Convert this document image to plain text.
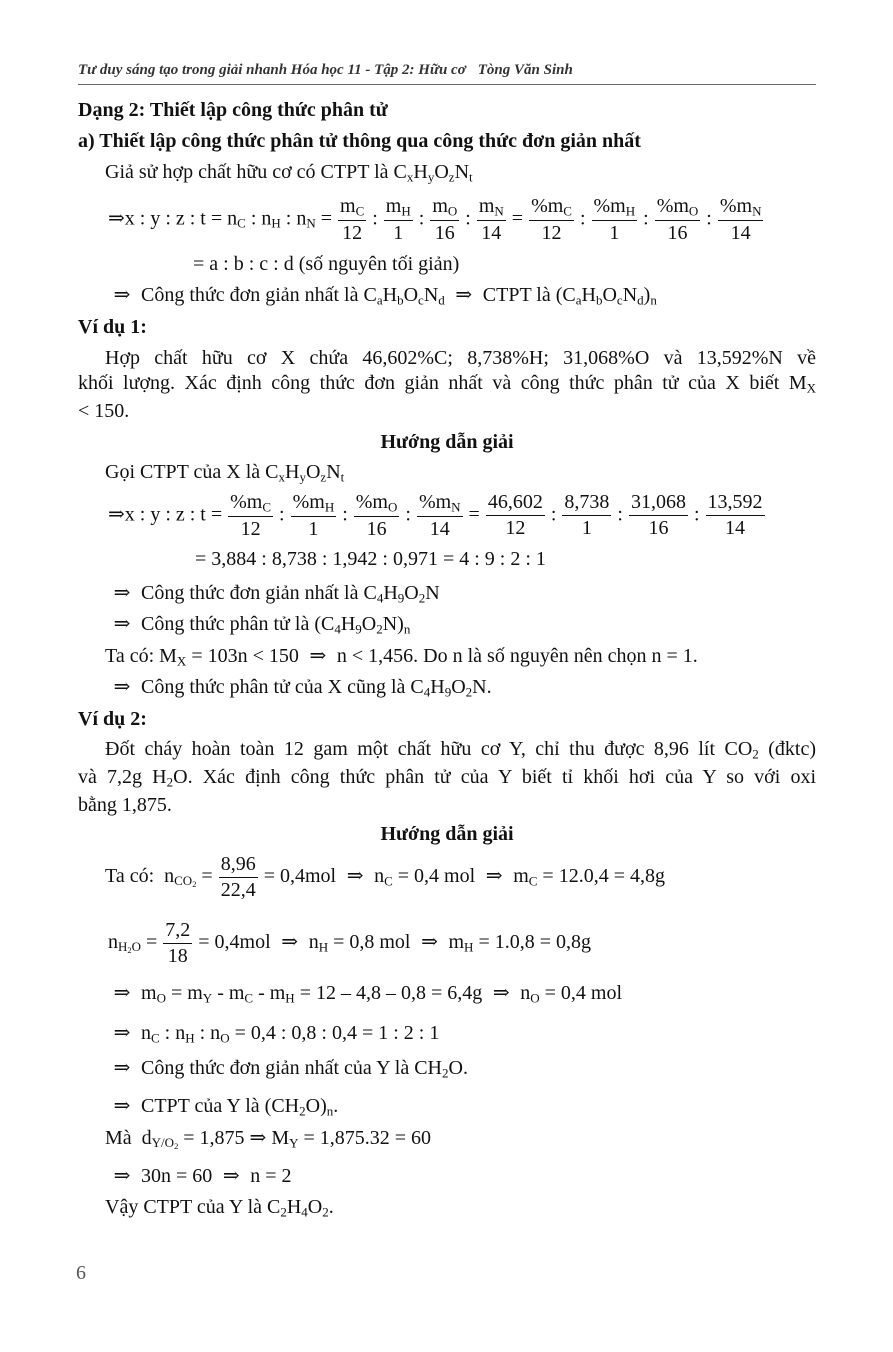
Tư duy sáng tạo trong giải nhanh Hóa học 11 - Tập 2: Hữu cơ Tòng Văn Sinh
Dạng 2: Thiết lập công thức phân tử
a) Thiết lập công thức phân tử thông qua công thức đơn giản nhất
Giả sử hợp chất hữu cơ có CTPT là $C_xH_yO_zN_t$
⇒x : y : z : $t = n_C$ : $n_H$ : $n_N = \frac{m_C}{12}$ : $\frac{m_H}{1}$ : $\frac{m_O}{16}$ : $\frac{m_N}{14} = \frac{\%m_C}{12}$ : $\frac{\%m_H}{1}$ : $\frac{\%m_O}{16}$ : $\frac{\%m_N}{14}$
= a : b : c : d (số nguyên tối giản)
⇒ Công thức đơn giản nhất là $C_aH_bO_cN_d$ ⇒ CTPT là $(C_aH_bO_cN_d)_n$
Ví dụ 1:
Hợp chất hữu cơ X chứa 46,602%C; 8,738%H; 31,068%O và 13,592%N về
khối lượng. Xác định công thức đơn giản nhất và công thức phân tử của X biết $M_X$
< 150.
Hướng dẫn giải
Gọi CTPT của X là $C_xH_yO_zN_t$
⇒x : y : z : $t = \frac{\%m_C}{12}$ : $\frac{\%m_H}{1}$ : $\frac{\%m_O}{16}$ : $\frac{\%m_N}{14} = \frac{46,602}{12}$ : $\frac{8,738}{1}$ : $\frac{31,068}{16}$ : $\frac{13,592}{14}$
= 3,884 : 8,738 : 1,942 : 0,971 = 4 : 9 : 2 : 1
⇒ Công thức đơn giản nhất là $C_4H_9O_2N$
⇒ Công thức phân tử là $(C_4H_9O_2N)_n$
Ta có: $M_X = 103n < 150$ ⇒ n < 1,456. Do n là số nguyên nên chọn n = 1.
⇒ Công thức phân tử của X cũng là $C_4H_9O_2N$.
Ví dụ 2:
Đốt cháy hoàn toàn 12 gam một chất hữu cơ Y, chỉ thu được 8,96 lít $CO_2$ (đktc)
và 7,2g $H_2O$. Xác định công thức phân tử của Y biết tỉ khối hơi của Y so với oxi
bằng 1,875.
Hướng dẫn giải
Ta có:  $n_{CO_2} = \frac{8,96}{22,4} = 0,4mol$ ⇒ $n_C = 0,4$ mol ⇒ $m_C = 12.0,4 = 4,8g$
$n_{H_2O} = \frac{7,2}{18} = 0,4mol$ ⇒ $n_H = 0,8$ mol ⇒ $m_H = 1.0,8 = 0,8g$
⇒ $m_O = m_Y - m_C - m_H = 12 - 4,8 - 0,8 = 6,4g$ ⇒ $n_O = 0,4$ mol
⇒ $n_C$ : $n_H$ : $n_O = 0,4$ : 0,8 : 0,4 = 1 : 2 : 1
⇒ Công thức đơn giản nhất của Y là $CH_2O$.
⇒ CTPT của Y là $(CH_2O)_n$.
Mà  $d_{Y/O_2} = 1,875$ ⇒ $M_Y = 1,875.32 = 60$
⇒ 30n = 60 ⇒ n = 2
Vậy CTPT của Y là $C_2H_4O_2$.
6
